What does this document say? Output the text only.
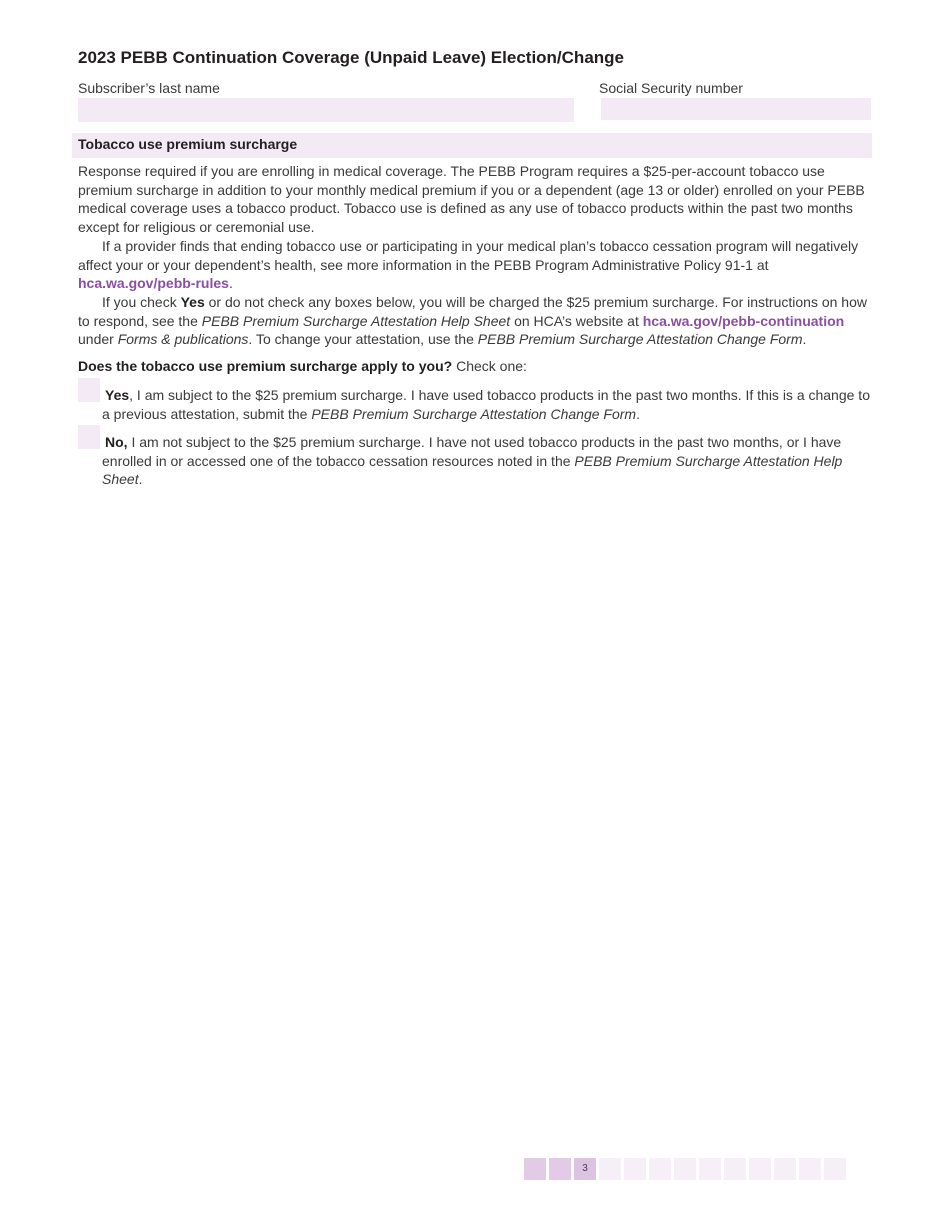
2023 PEBB Continuation Coverage (Unpaid Leave) Election/Change
Subscriber’s last name	Social Security number
Tobacco use premium surcharge
Response required if you are enrolling in medical coverage. The PEBB Program requires a $25-per-account tobacco use premium surcharge in addition to your monthly medical premium if you or a dependent (age 13 or older) enrolled on your PEBB medical coverage uses a tobacco product. Tobacco use is defined as any use of tobacco products within the past two months except for religious or ceremonial use.
If a provider finds that ending tobacco use or participating in your medical plan’s tobacco cessation program will negatively affect your or your dependent’s health, see more information in the PEBB Program Administrative Policy 91-1 at hca.wa.gov/pebb-rules.
If you check Yes or do not check any boxes below, you will be charged the $25 premium surcharge. For instructions on how to respond, see the PEBB Premium Surcharge Attestation Help Sheet on HCA’s website at hca.wa.gov/pebb-continuation under Forms & publications. To change your attestation, use the PEBB Premium Surcharge Attestation Change Form.
Does the tobacco use premium surcharge apply to you? Check one:
Yes, I am subject to the $25 premium surcharge. I have used tobacco products in the past two months. If this is a change to a previous attestation, submit the PEBB Premium Surcharge Attestation Change Form.
No, I am not subject to the $25 premium surcharge. I have not used tobacco products in the past two months, or I have enrolled in or accessed one of the tobacco cessation resources noted in the PEBB Premium Surcharge Attestation Help Sheet.
3
